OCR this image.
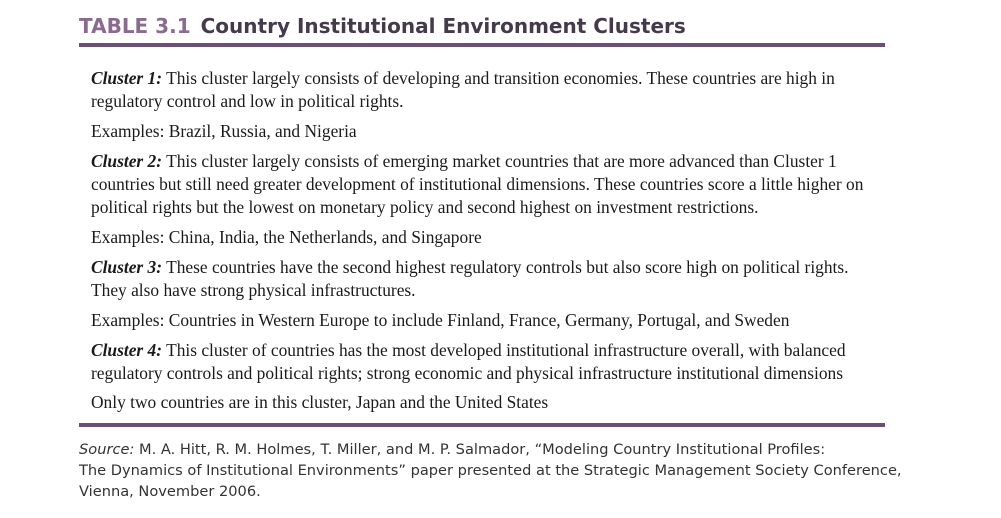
TABLE 3.1 Country Institutional Environment Clusters

Cluster 1: This cluster largely consists of developing and transition economies. These countries are high in regulatory control and low in political rights.

Examples: Brazil, Russia, and Nigeria

Cluster 2: This cluster largely consists of emerging market countries that are more advanced than Cluster 1 countries but still need greater development of institutional dimensions. These countries score a little higher on political rights but the lowest on monetary policy and second highest on investment restrictions.

Examples: China, India, the Netherlands, and Singapore

Cluster 3: These countries have the second highest regulatory controls but also score high on political rights. They also have strong physical infrastructures.

Examples: Countries in Western Europe to include Finland, France, Germany, Portugal, and Sweden

Cluster 4: This cluster of countries has the most developed institutional infrastructure overall, with balanced regulatory controls and political rights; strong economic and physical infrastructure institutional dimensions

Only two countries are in this cluster, Japan and the United States

Source: M. A. Hitt, R. M. Holmes, T. Miller, and M. P. Salmador, “Modeling Country Institutional Profiles:
The Dynamics of Institutional Environments” paper presented at the Strategic Management Society Conference,
Vienna, November 2006.
